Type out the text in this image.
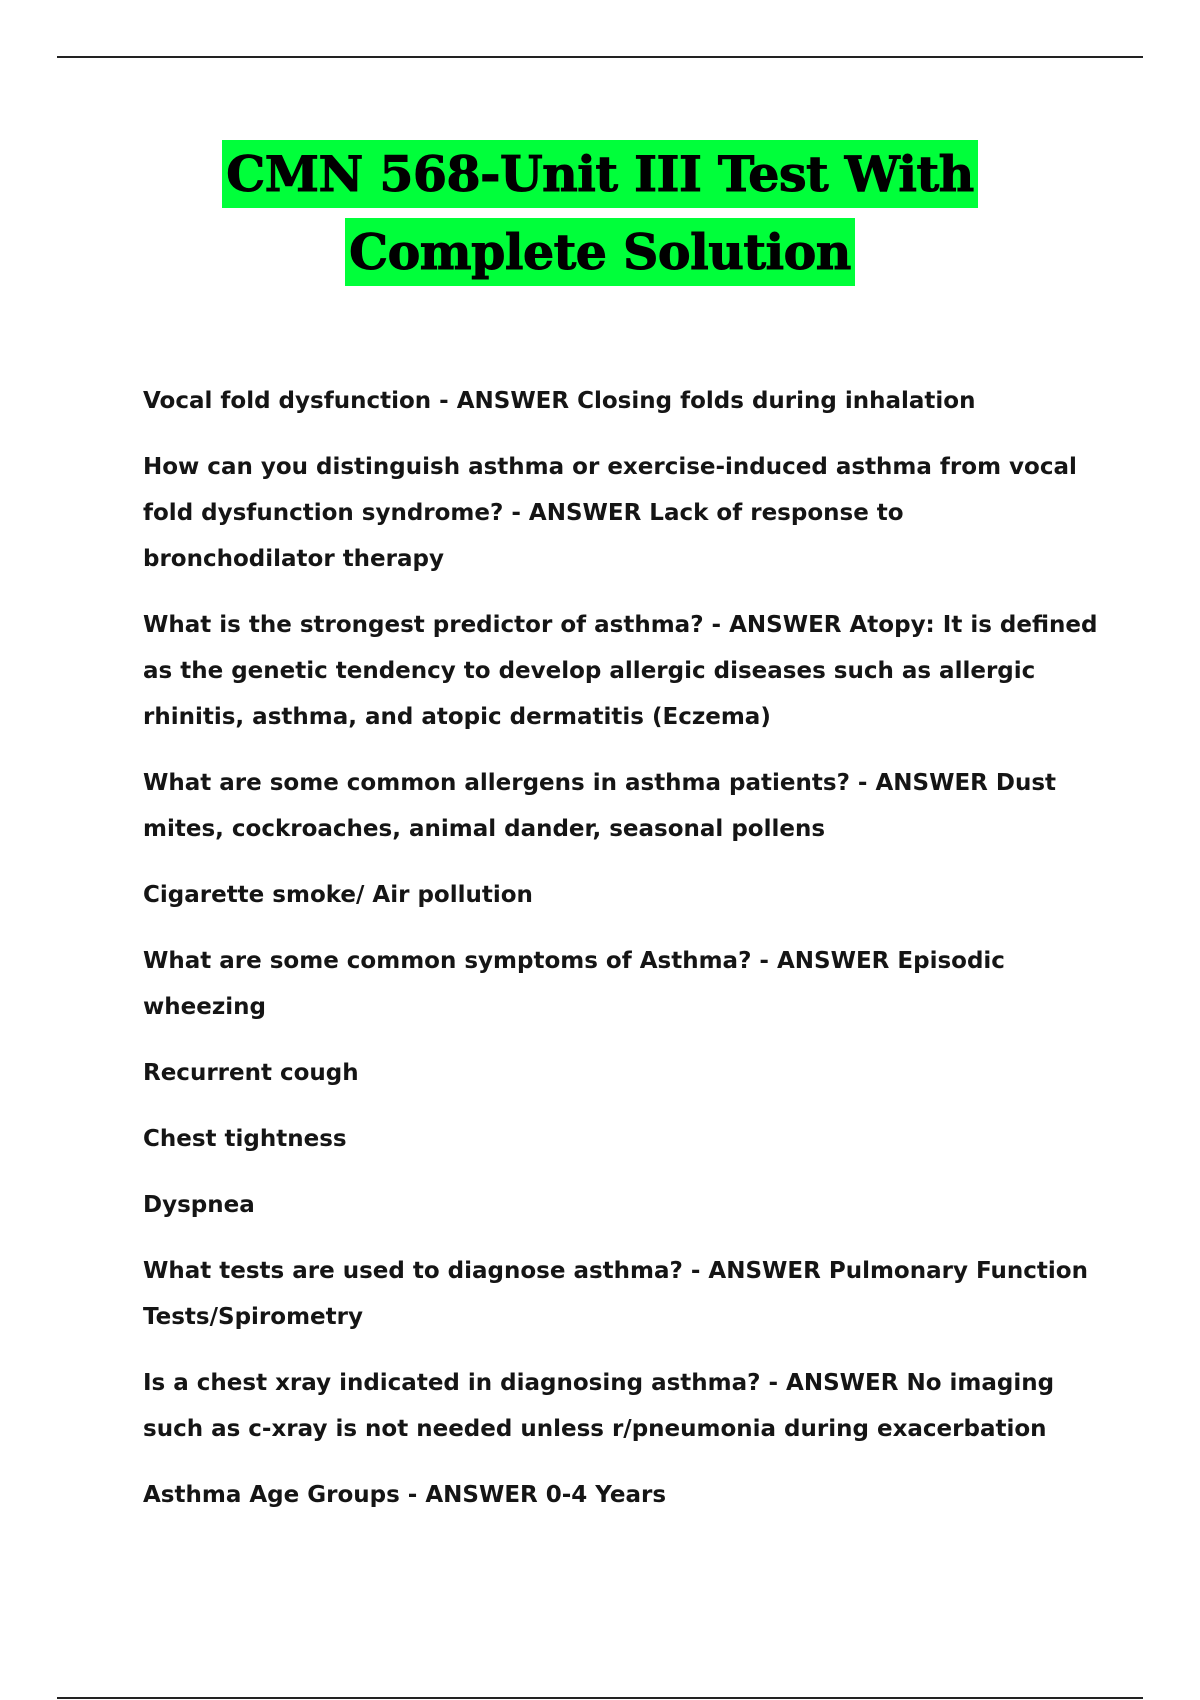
CMN 568-Unit III Test With
Complete Solution

Vocal fold dysfunction - ANSWER Closing folds during inhalation

How can you distinguish asthma or exercise-induced asthma from vocal fold dysfunction syndrome? - ANSWER Lack of response to bronchodilator therapy

What is the strongest predictor of asthma? - ANSWER Atopy: It is defined as the genetic tendency to develop allergic diseases such as allergic rhinitis, asthma, and atopic dermatitis (Eczema)

What are some common allergens in asthma patients? - ANSWER Dust mites, cockroaches, animal dander, seasonal pollens

Cigarette smoke/ Air pollution

What are some common symptoms of Asthma? - ANSWER Episodic wheezing

Recurrent cough

Chest tightness

Dyspnea

What tests are used to diagnose asthma? - ANSWER Pulmonary Function Tests/Spirometry

Is a chest xray indicated in diagnosing asthma? - ANSWER No imaging such as c-xray is not needed unless r/pneumonia during exacerbation

Asthma Age Groups - ANSWER 0-4 Years
